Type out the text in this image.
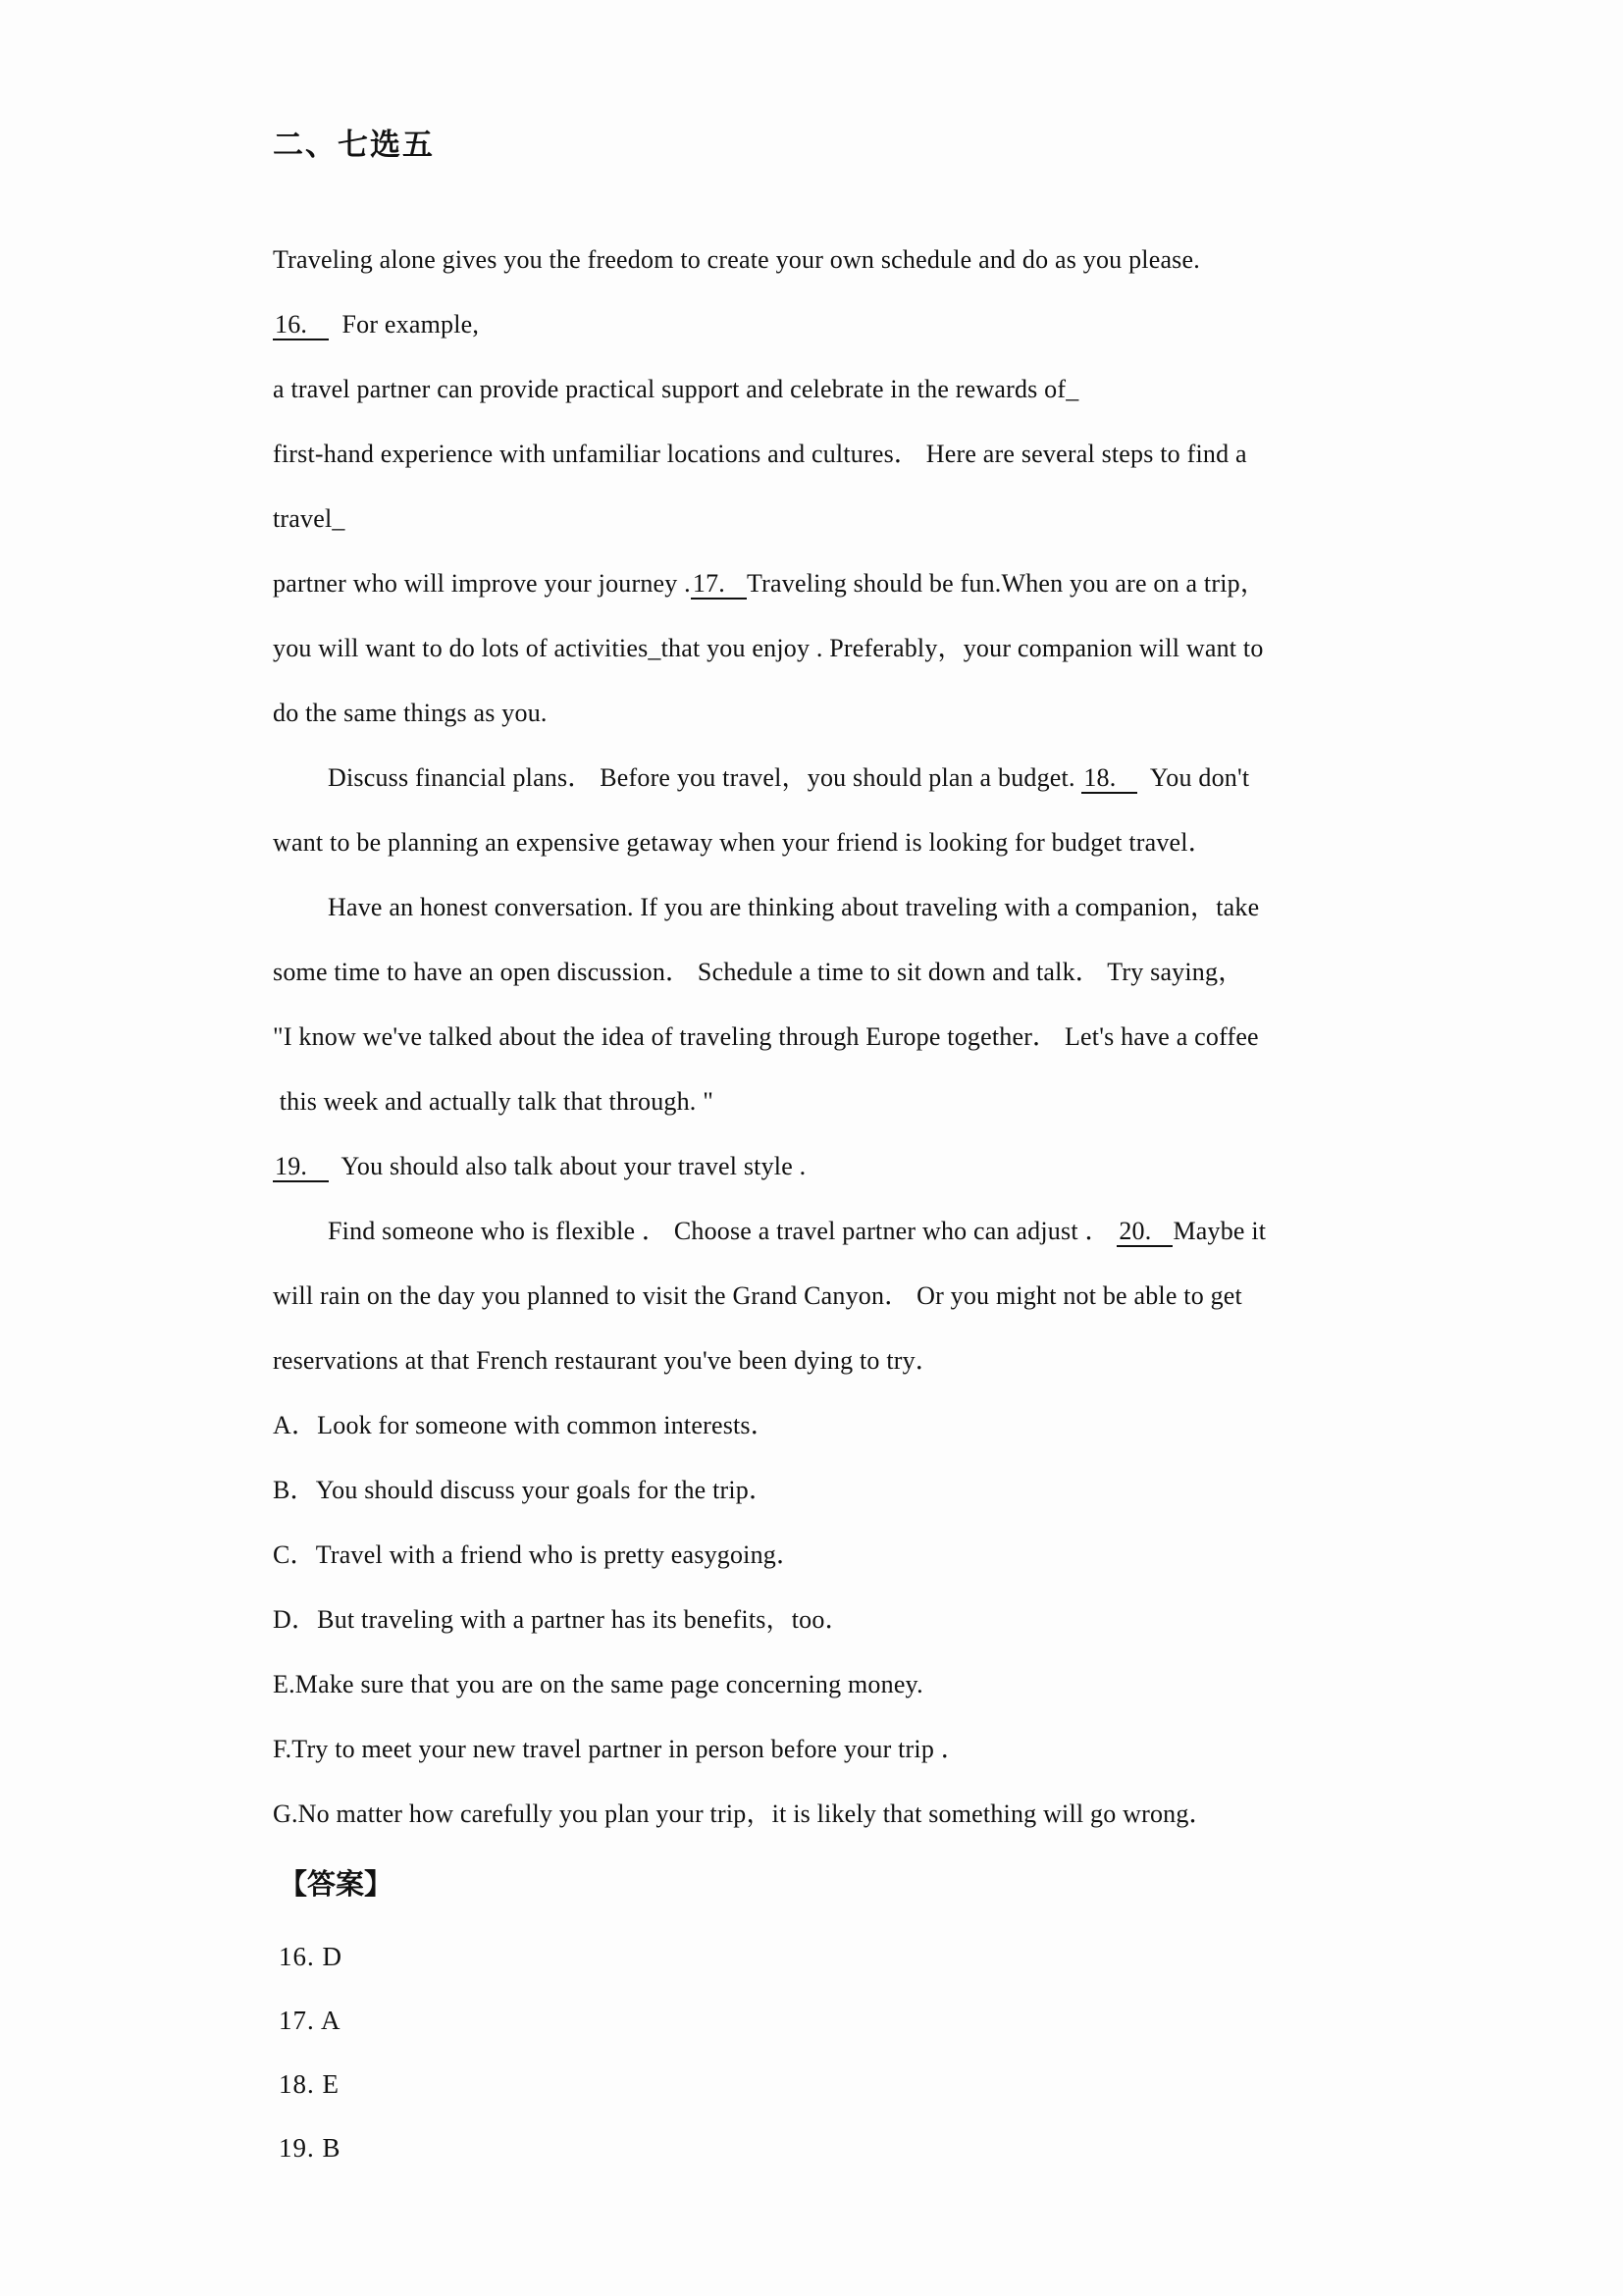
二、七选五
Traveling alone gives you the freedom to create your own schedule and do as you please.
16.  For example,
a travel partner can provide practical support and celebrate in the rewards of_
first-hand experience with unfamiliar locations and cultures． Here are several steps to find a
travel_
partner who will improve your journey .17. Traveling should be fun.When you are on a trip，
you will want to do lots of activities_that you enjoy . Preferably，your companion will want to
do the same things as you.
Discuss financial plans． Before you travel，you should plan a budget. 18.  You don't
want to be planning an expensive getaway when your friend is looking for budget travel．
Have an honest conversation. If you are thinking about traveling with a companion，take
some time to have an open discussion． Schedule a time to sit down and talk． Try saying，
"I know we've talked about the idea of traveling through Europe together． Let's have a coffee
this week and actually talk that through. "
19.  You should also talk about your travel style .
Find someone who is flexible ． Choose a travel partner who can adjust ． 20. Maybe it
will rain on the day you planned to visit the Grand Canyon． Or you might not be able to get
reservations at that French restaurant you've been dying to try．
A．Look for someone with common interests．
B．You should discuss your goals for the trip．
C．Travel with a friend who is pretty easygoing．
D．But traveling with a partner has its benefits，too．
E.Make sure that you are on the same page concerning money.
F.Try to meet your new travel partner in person before your trip ．
G.No matter how carefully you plan your trip，it is likely that something will go wrong．
【答案】
16. D
17. A
18. E
19. B
